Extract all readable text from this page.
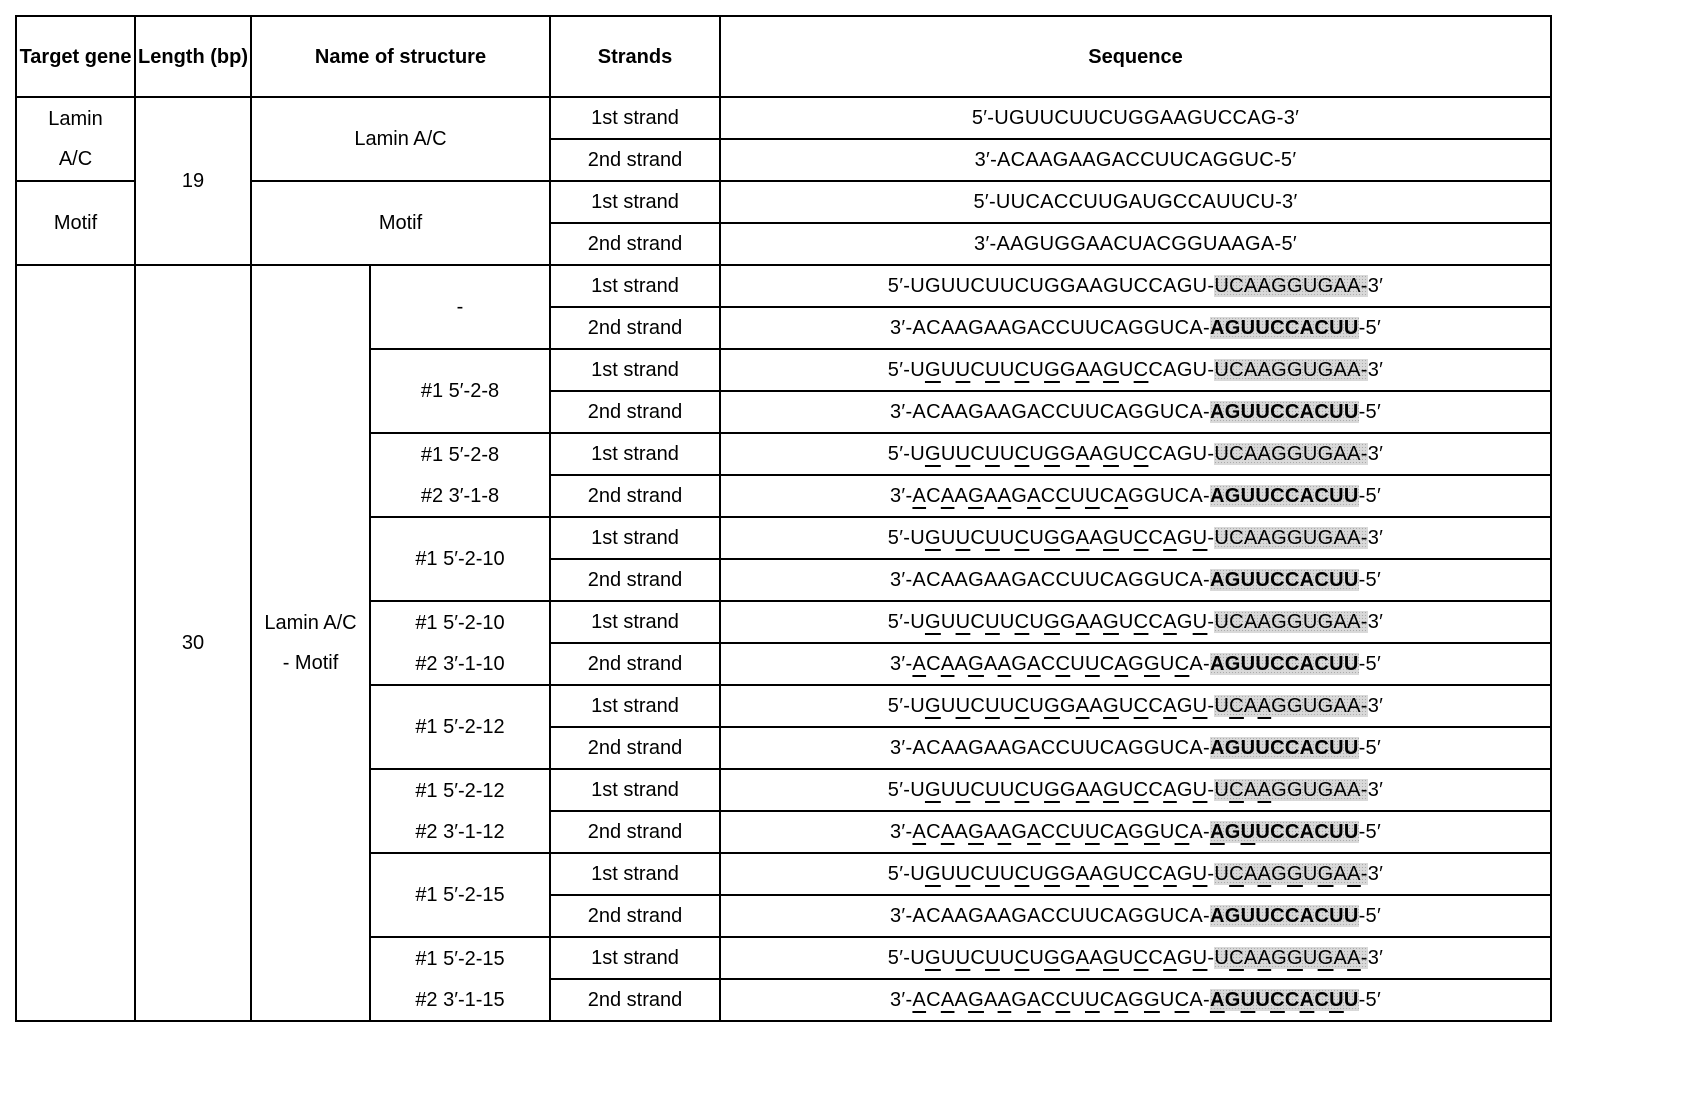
Target gene	Length (bp)	Name of structure	Strands	Sequence
Lamin
A/C	19	Lamin A/C	1st strand	5′-UGUUCUUCUGGAAGUCCAG-3′
2nd strand	3′-ACAAGAAGACCUUCAGGUC-5′
Motif	Motif	1st strand	5′-UUCACCUUGAUGCCAUUCU-3′
2nd strand	3′-AAGUGGAACUACGGUAAGA-5′
	30	Lamin A/C
- Motif	-	1st strand	5′-UGUUCUUCUGGAAGUCCAGU-UCAAGGUGAA-3′
2nd strand	3′-ACAAGAAGACCUUCAGGUCA-AGUUCCACUU-5′
#1 5′-2-8	1st strand	5′-UGUUCUUCUGGAAGUCCAGU-UCAAGGUGAA-3′
2nd strand	3′-ACAAGAAGACCUUCAGGUCA-AGUUCCACUU-5′
#1 5′-2-8	1st strand	5′-UGUUCUUCUGGAAGUCCAGU-UCAAGGUGAA-3′
#2 3′-1-8	2nd strand	3′-ACAAGAAGACCUUCAGGUCA-AGUUCCACUU-5′
#1 5′-2-10	1st strand	5′-UGUUCUUCUGGAAGUCCAGU-UCAAGGUGAA-3′
2nd strand	3′-ACAAGAAGACCUUCAGGUCA-AGUUCCACUU-5′
#1 5′-2-10	1st strand	5′-UGUUCUUCUGGAAGUCCAGU-UCAAGGUGAA-3′
#2 3′-1-10	2nd strand	3′-ACAAGAAGACCUUCAGGUCA-AGUUCCACUU-5′
#1 5′-2-12	1st strand	5′-UGUUCUUCUGGAAGUCCAGU-UCAAGGUGAA-3′
2nd strand	3′-ACAAGAAGACCUUCAGGUCA-AGUUCCACUU-5′
#1 5′-2-12	1st strand	5′-UGUUCUUCUGGAAGUCCAGU-UCAAGGUGAA-3′
#2 3′-1-12	2nd strand	3′-ACAAGAAGACCUUCAGGUCA-AGUUCCACUU-5′
#1 5′-2-15	1st strand	5′-UGUUCUUCUGGAAGUCCAGU-UCAAGGUGAA-3′
2nd strand	3′-ACAAGAAGACCUUCAGGUCA-AGUUCCACUU-5′
#1 5′-2-15	1st strand	5′-UGUUCUUCUGGAAGUCCAGU-UCAAGGUGAA-3′
#2 3′-1-15	2nd strand	3′-ACAAGAAGACCUUCAGGUCA-AGUUCCACUU-5′
